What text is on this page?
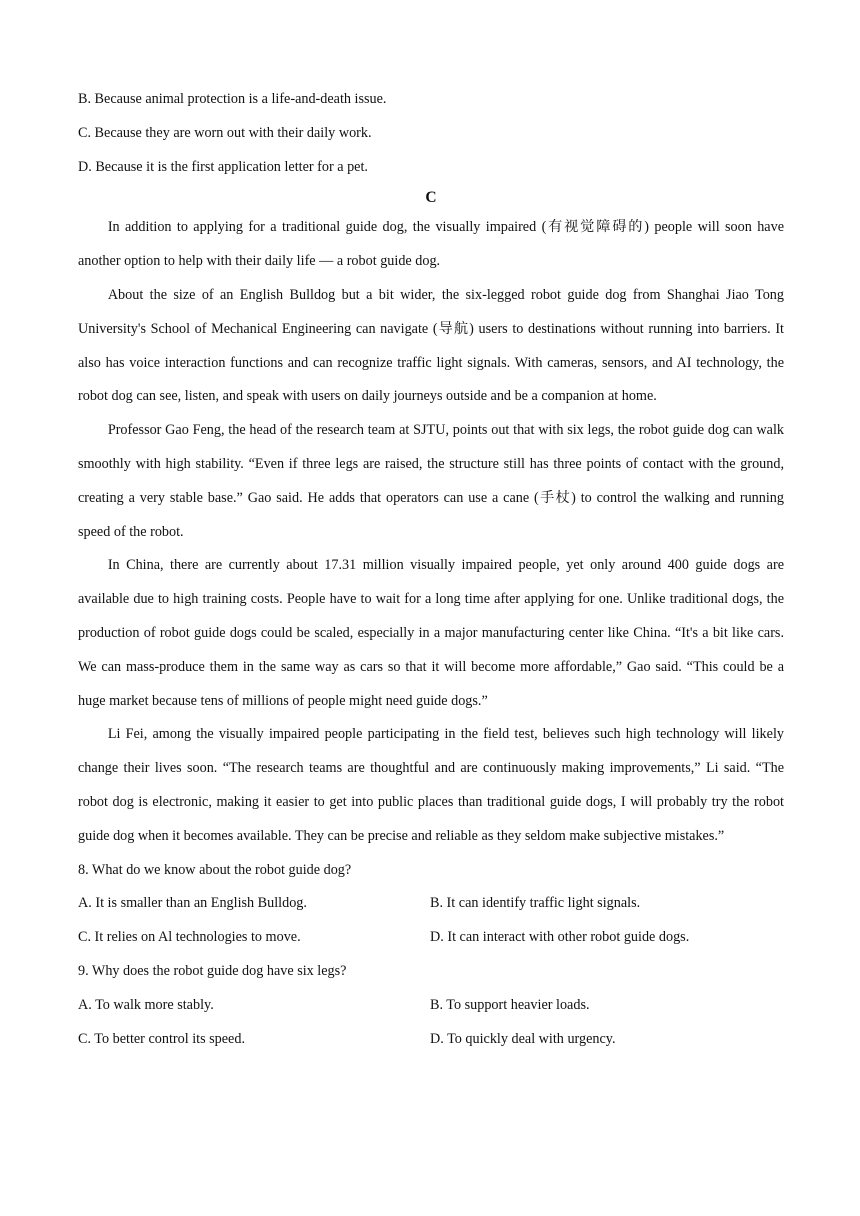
B. Because animal protection is a life-and-death issue.

C. Because they are worn out with their daily work.

D. Because it is the first application letter for a pet.

C

In addition to applying for a traditional guide dog, the visually impaired (有视觉障碍的) people will soon have another option to help with their daily life — a robot guide dog.

About the size of an English Bulldog but a bit wider, the six-legged robot guide dog from Shanghai Jiao Tong University's School of Mechanical Engineering can navigate (导航) users to destinations without running into barriers. It also has voice interaction functions and can recognize traffic light signals. With cameras, sensors, and AI technology, the robot dog can see, listen, and speak with users on daily journeys outside and be a companion at home.

Professor Gao Feng, the head of the research team at SJTU, points out that with six legs, the robot guide dog can walk smoothly with high stability. “Even if three legs are raised, the structure still has three points of contact with the ground, creating a very stable base.” Gao said. He adds that operators can use a cane (手杖) to control the walking and running speed of the robot.

In China, there are currently about 17.31 million visually impaired people, yet only around 400 guide dogs are available due to high training costs. People have to wait for a long time after applying for one. Unlike traditional dogs, the production of robot guide dogs could be scaled, especially in a major manufacturing center like China. “It's a bit like cars. We can mass-produce them in the same way as cars so that it will become more affordable,” Gao said. “This could be a huge market because tens of millions of people might need guide dogs.”

Li Fei, among the visually impaired people participating in the field test, believes such high technology will likely change their lives soon. “The research teams are thoughtful and are continuously making improvements,” Li said. “The robot dog is electronic, making it easier to get into public places than traditional guide dogs, I will probably try the robot guide dog when it becomes available. They can be precise and reliable as they seldom make subjective mistakes.”

8. What do we know about the robot guide dog?

A. It is smaller than an English Bulldog.	B. It can identify traffic light signals.
C. It relies on Al technologies to move.	D. It can interact with other robot guide dogs.

9. Why does the robot guide dog have six legs?

A. To walk more stably.	B. To support heavier loads.
C. To better control its speed.	D. To quickly deal with urgency.
